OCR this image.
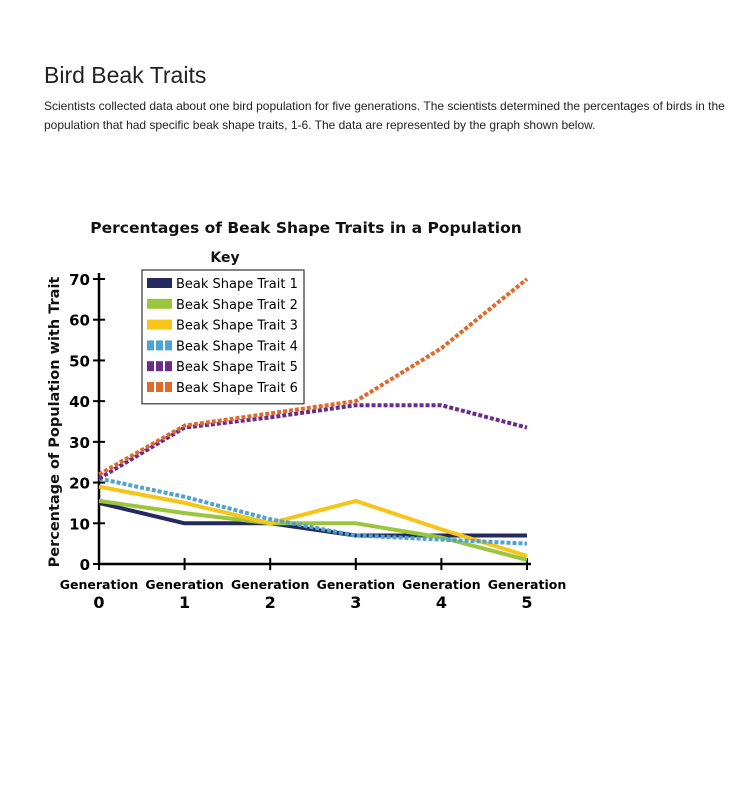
Bird Beak Traits

Scientists collected data about one bird population for five generations. The scientists determined the percentages of birds in the population that had specific beak shape traits, 1-6. The data are represented by the graph shown below.

Percentages of Beak Shape Traits in a Population
Percentage of Population with Trait
Key
0
10
20
30
40
50
60
70
Generation
0
Generation
1
Generation
2
Generation
3
Generation
4
Generation
5
Beak Shape Trait 1
Beak Shape Trait 2
Beak Shape Trait 3
Beak Shape Trait 4
Beak Shape Trait 5
Beak Shape Trait 6
